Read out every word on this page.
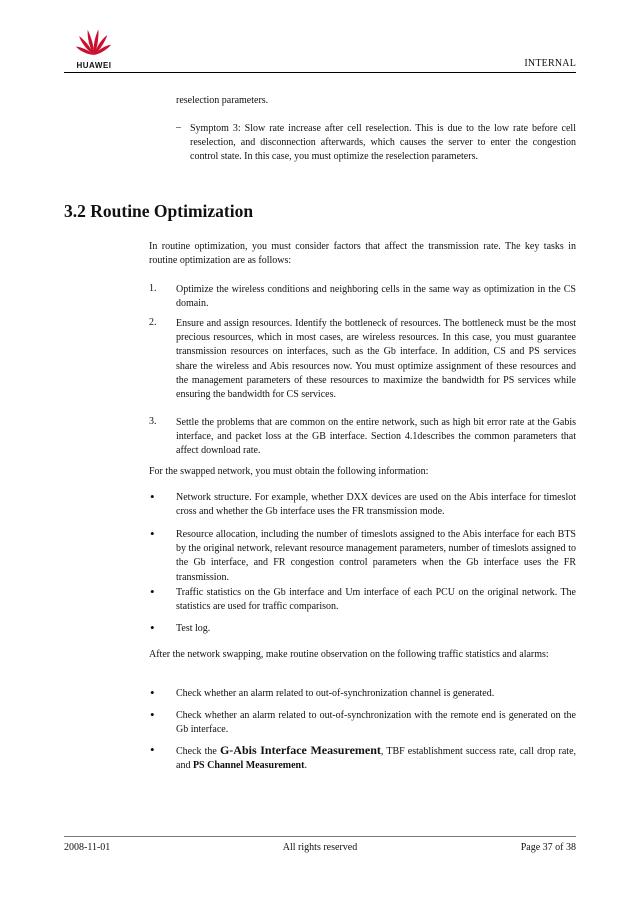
HUAWEI	INTERNAL
reselection parameters.
– Symptom 3: Slow rate increase after cell reselection. This is due to the low rate before cell reselection, and disconnection afterwards, which causes the server to enter the congestion control state. In this case, you must optimize the reselection parameters.
3.2 Routine Optimization
In routine optimization, you must consider factors that affect the transmission rate. The key tasks in routine optimization are as follows:
1. Optimize the wireless conditions and neighboring cells in the same way as optimization in the CS domain.
2. Ensure and assign resources. Identify the bottleneck of resources. The bottleneck must be the most precious resources, which in most cases, are wireless resources. In this case, you must guarantee transmission resources on interfaces, such as the Gb interface. In addition, CS and PS services share the wireless and Abis resources now. You must optimize assignment of these resources and the management parameters of these resources to maximize the bandwidth for PS services while ensuring the bandwidth for CS services.
3. Settle the problems that are common on the entire network, such as high bit error rate at the Gabis interface, and packet loss at the GB interface. Section 4.1describes the common parameters that affect download rate.
For the swapped network, you must obtain the following information:
• Network structure. For example, whether DXX devices are used on the Abis interface for timeslot cross and whether the Gb interface uses the FR transmission mode.
• Resource allocation, including the number of timeslots assigned to the Abis interface for each BTS by the original network, relevant resource management parameters, number of timeslots assigned to the Gb interface, and FR congestion control parameters when the Gb interface uses the FR transmission.
• Traffic statistics on the Gb interface and Um interface of each PCU on the original network. The statistics are used for traffic comparison.
• Test log.
After the network swapping, make routine observation on the following traffic statistics and alarms:
• Check whether an alarm related to out-of-synchronization channel is generated.
• Check whether an alarm related to out-of-synchronization with the remote end is generated on the Gb interface.
• Check the G-Abis Interface Measurement, TBF establishment success rate, call drop rate, and PS Channel Measurement.
2008-11-01	All rights reserved	Page 37 of 38
